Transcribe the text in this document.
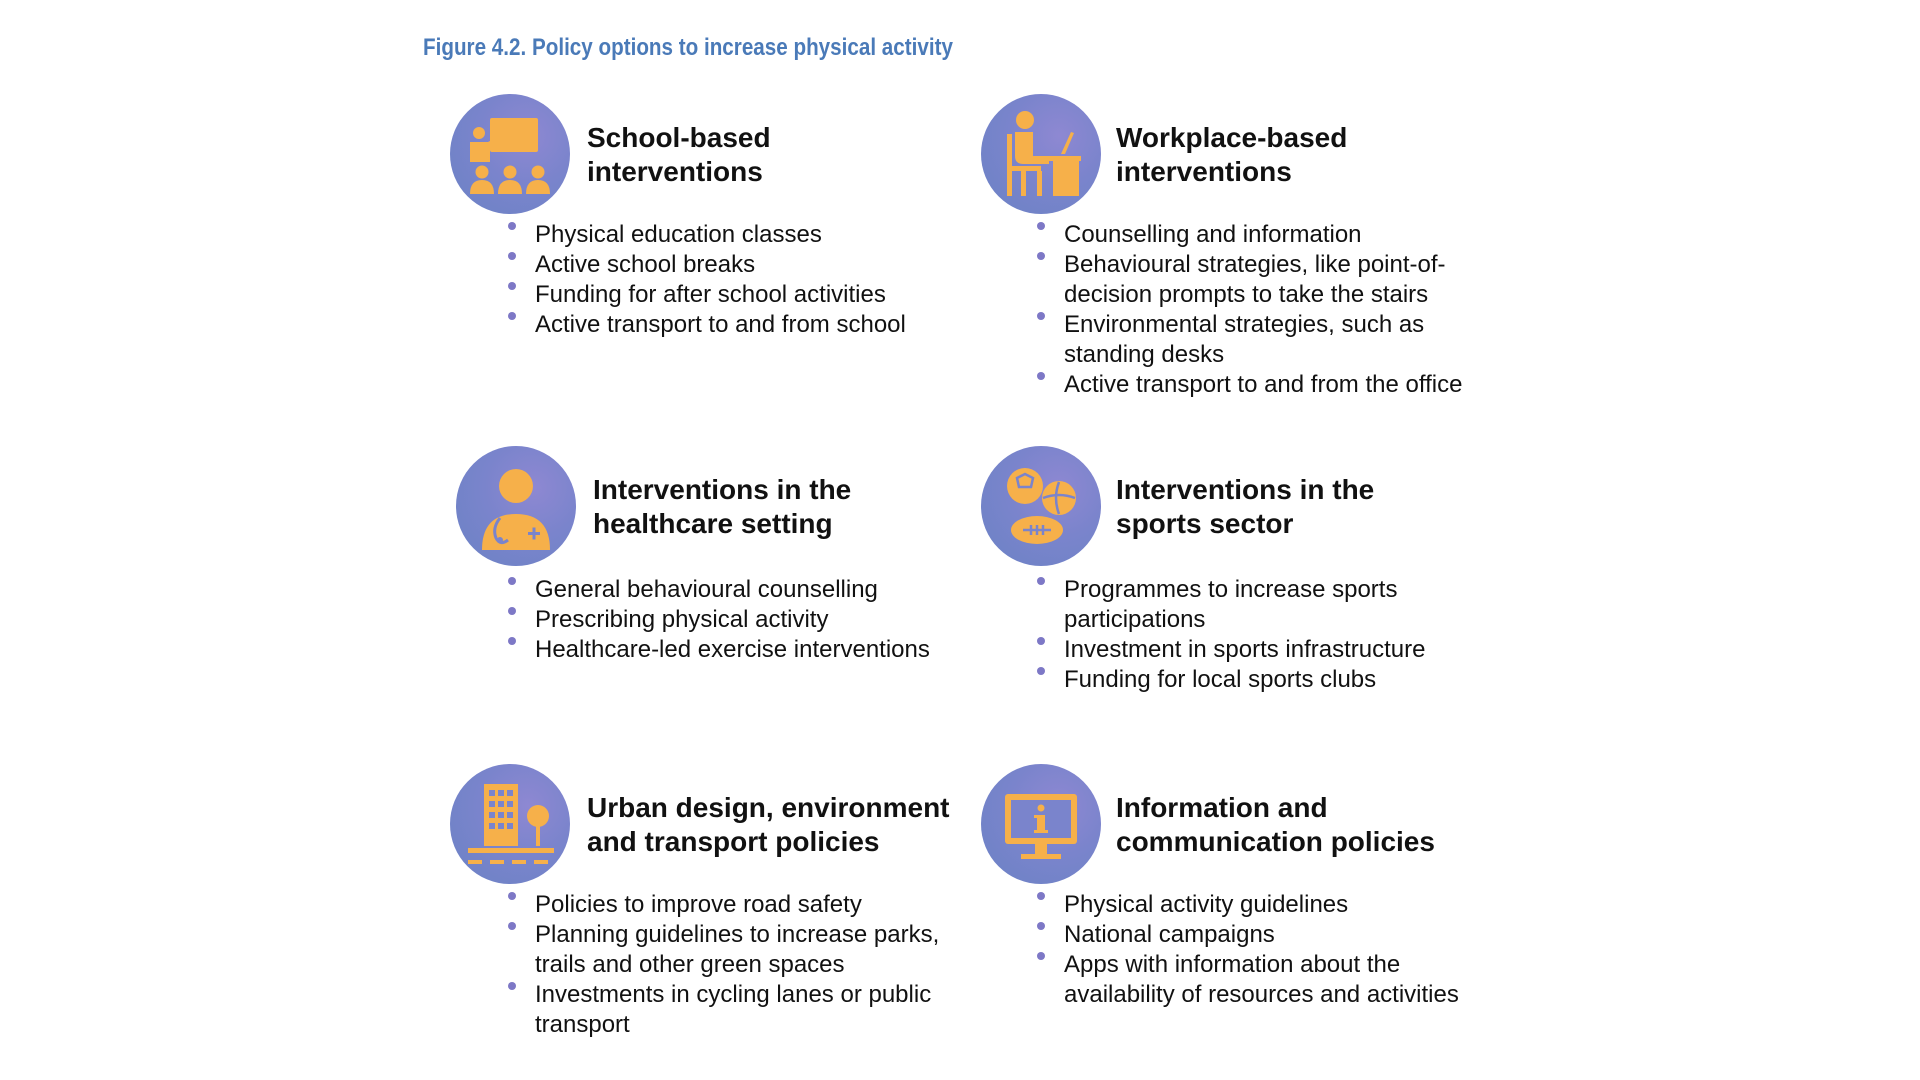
Figure 4.2. Policy options to increase physical activity
School-based
interventions
Physical education classes
Active school breaks
Funding for after school activities
Active transport to and from school
Workplace-based
interventions
Counselling and information
Behavioural strategies, like point-of-
decision prompts to take the stairs
Environmental strategies, such as
standing desks
Active transport to and from the office
Interventions in the
healthcare setting
General behavioural counselling
Prescribing physical activity
Healthcare-led exercise interventions
Interventions in the
sports sector
Programmes to increase sports
participations
Investment in sports infrastructure
Funding for local sports clubs
Urban design, environment
and transport policies
Policies to improve road safety
Planning guidelines to increase parks,
trails and other green spaces
Investments in cycling lanes or public
transport
Information and
communication policies
Physical activity guidelines
National campaigns
Apps with information about the
availability of resources and activities
